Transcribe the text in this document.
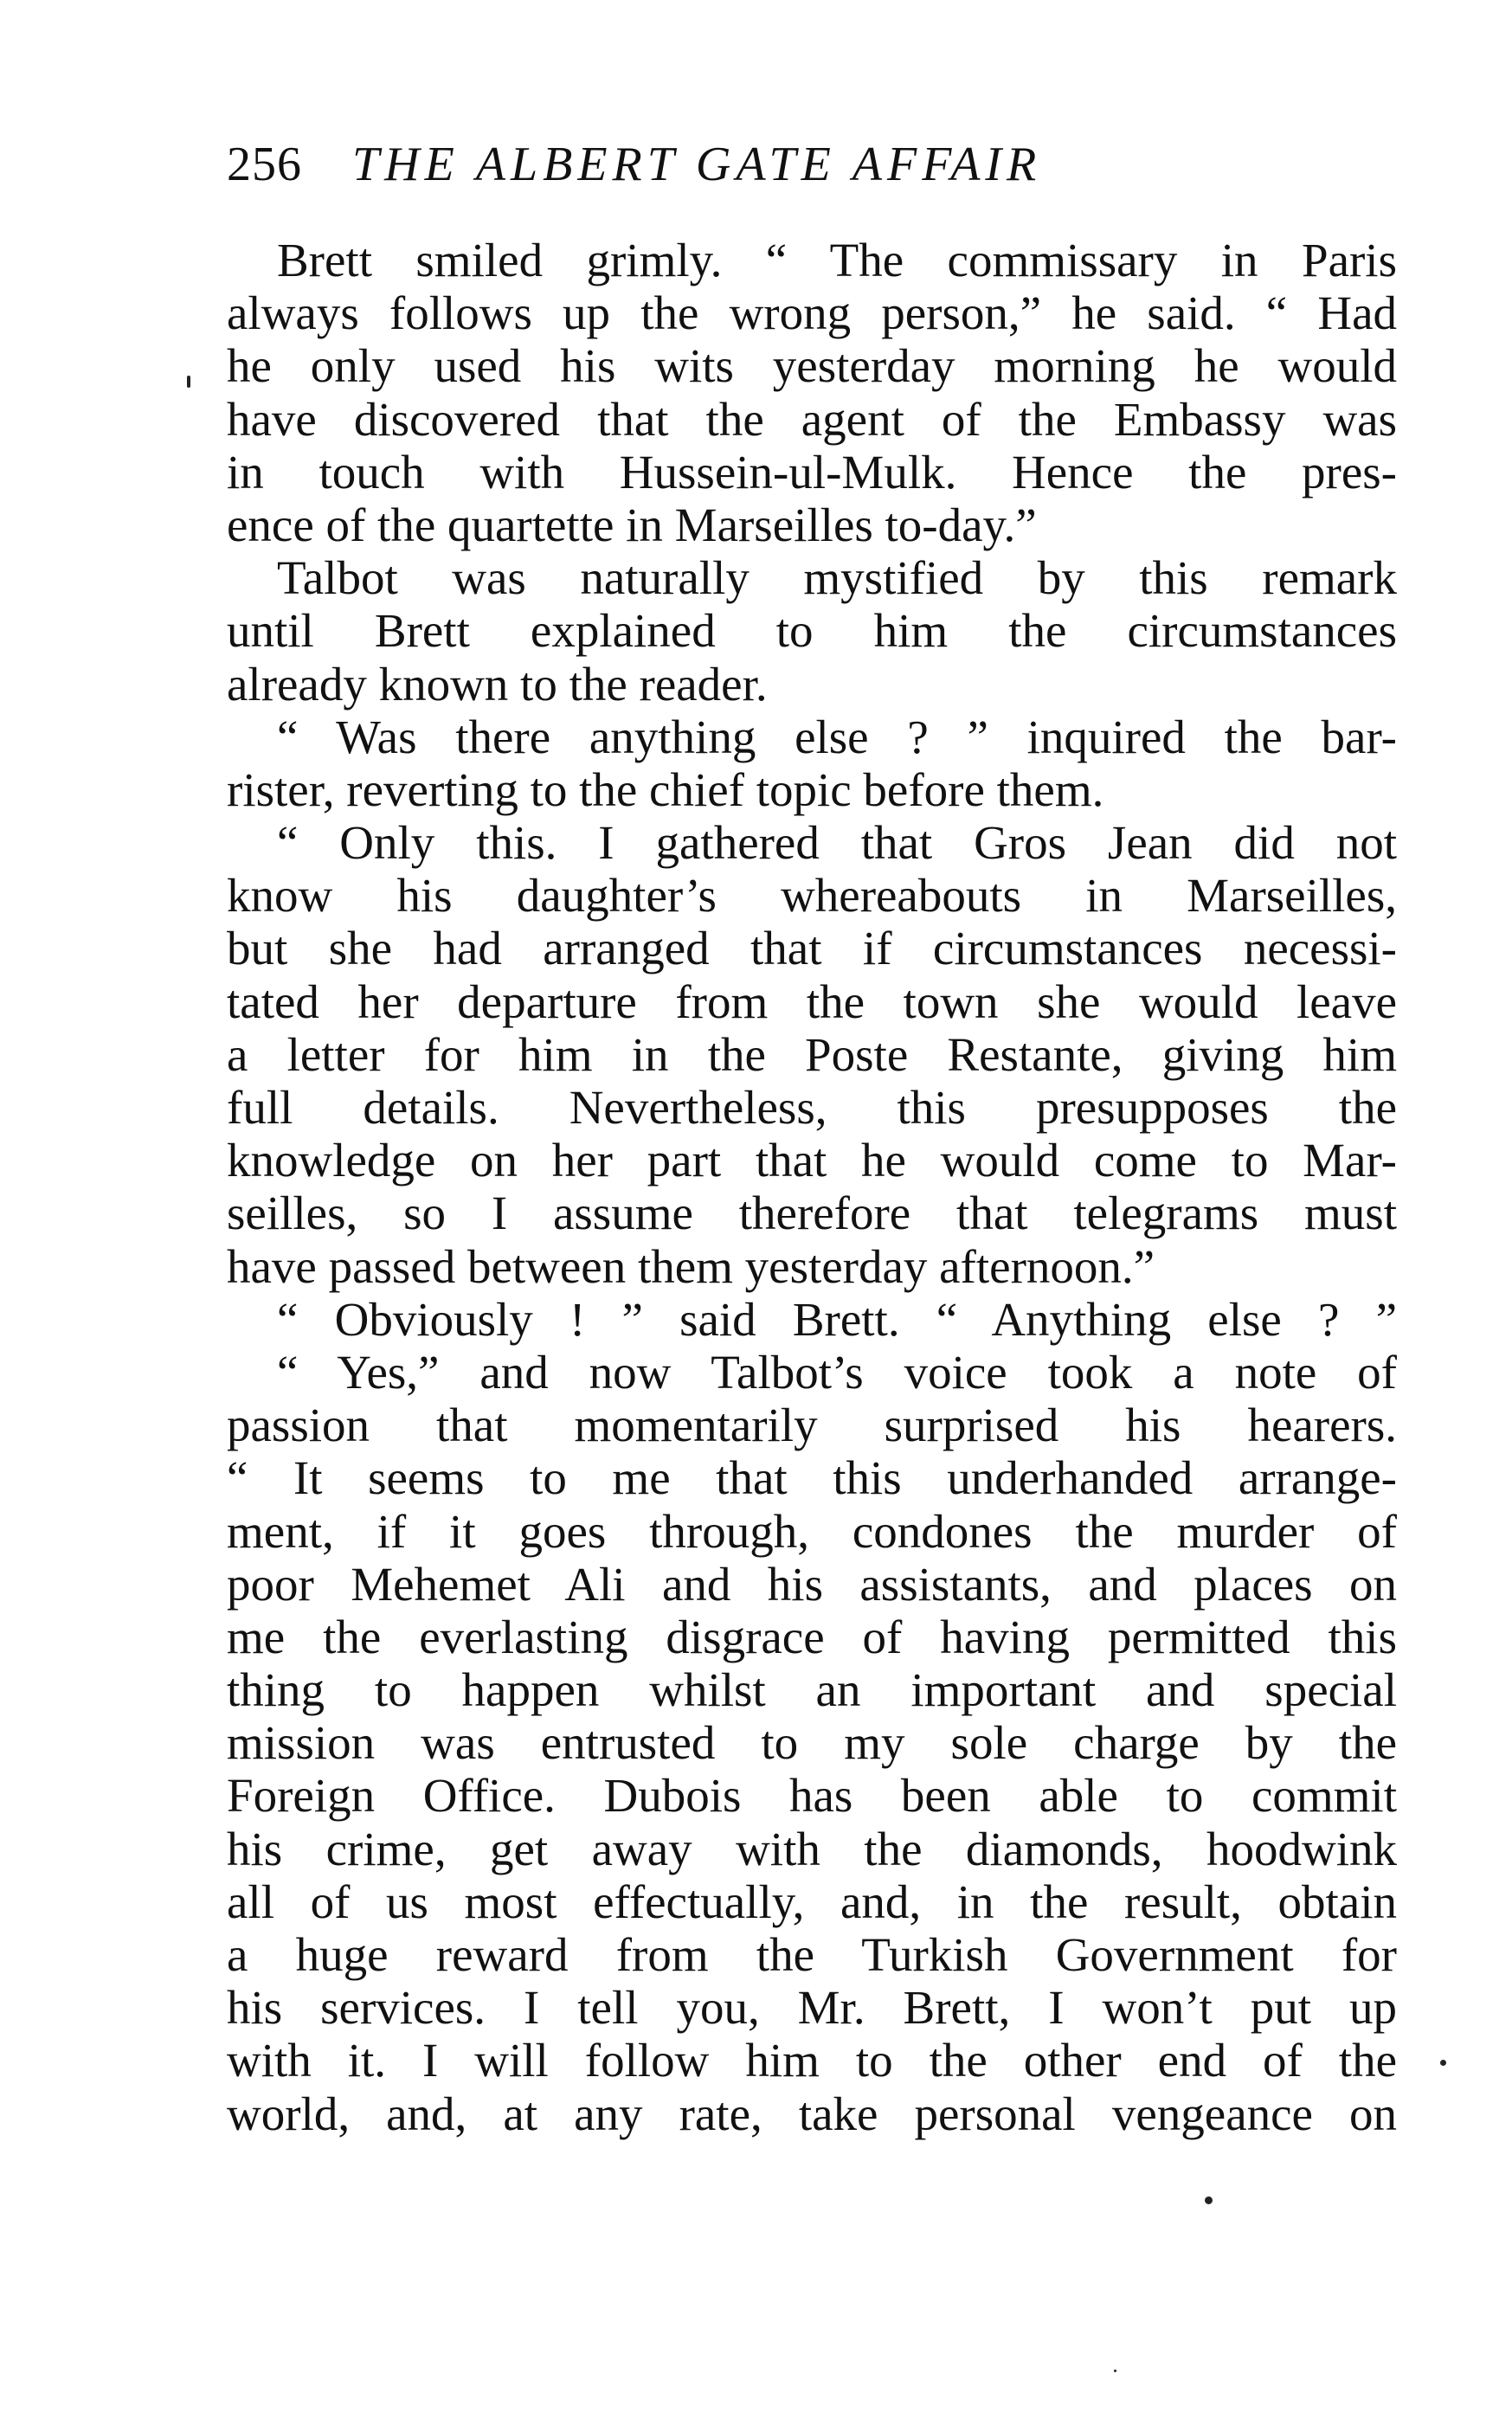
256 THE ALBERT GATE AFFAIR
Brett smiled grimly. “ The commissary in Paris
always follows up the wrong person,” he said. “ Had
he only used his wits yesterday morning he would
have discovered that the agent of the Embassy was
in touch with Hussein-ul-Mulk. Hence the pres-
ence of the quartette in Marseilles to-day.”
Talbot was naturally mystified by this remark
until Brett explained to him the circumstances
already known to the reader.
“ Was there anything else ? ” inquired the bar-
rister, reverting to the chief topic before them.
“ Only this. I gathered that Gros Jean did not
know his daughter’s whereabouts in Marseilles,
but she had arranged that if circumstances necessi-
tated her departure from the town she would leave
a letter for him in the Poste Restante, giving him
full details. Nevertheless, this presupposes the
knowledge on her part that he would come to Mar-
seilles, so I assume therefore that telegrams must
have passed between them yesterday afternoon.”
“ Obviously ! ” said Brett. “ Anything else ? ”
“ Yes,” and now Talbot’s voice took a note of
passion that momentarily surprised his hearers.
“ It seems to me that this underhanded arrange-
ment, if it goes through, condones the murder of
poor Mehemet Ali and his assistants, and places on
me the everlasting disgrace of having permitted this
thing to happen whilst an important and special
mission was entrusted to my sole charge by the
Foreign Office. Dubois has been able to commit
his crime, get away with the diamonds, hoodwink
all of us most effectually, and, in the result, obtain
a huge reward from the Turkish Government for
his services. I tell you, Mr. Brett, I won’t put up
with it. I will follow him to the other end of the
world, and, at any rate, take personal vengeance on
